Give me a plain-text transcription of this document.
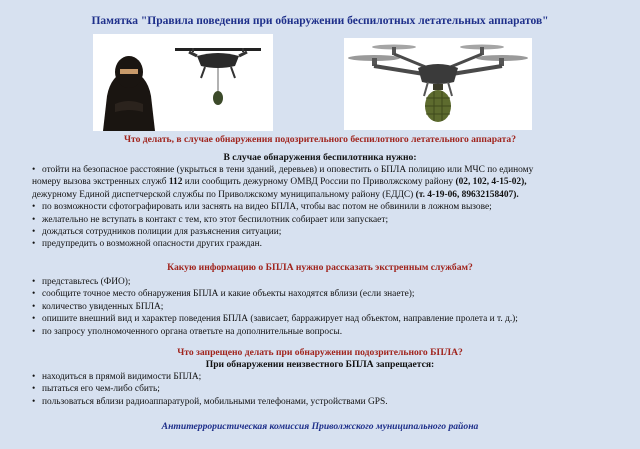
Памятка "Правила поведения при обнаружении беспилотных летательных аппаратов"
Что делать, в случае обнаружения подозрительного беспилотного летательного аппарата?
В случае обнаружения беспилотника нужно:
• отойти на безопасное расстояние (укрыться в тени зданий, деревьев) и оповестить о БПЛА полицию или МЧС по единому
номеру вызова экстренных служб 112 или сообщить дежурному ОМВД России по Приволжскому району (02, 102, 4-15-02),
дежурному Единой диспетчерской службы по Приволжскому муниципальному району (ЕДДС) (т. 4-19-06, 89632158407).
• по возможности сфотографировать или заснять на видео БПЛА, чтобы вас потом не обвинили в ложном вызове;
• желательно не вступать в контакт с тем, кто этот беспилотник собирает или запускает;
• дождаться сотрудников полиции для разъяснения ситуации;
• предупредить о возможной опасности других граждан.
Какую информацию о БПЛА нужно рассказать экстренным службам?
• представьтесь (ФИО);
• сообщите точное место обнаружения БПЛА и какие объекты находятся вблизи (если знаете);
• количество увиденных БПЛА;
• опишите внешний вид и характер поведения БПЛА (зависает, барражирует над объектом, направление пролета и т. д.);
• по запросу уполномоченного органа ответьте на дополнительные вопросы.
Что запрещено делать при обнаружении подозрительного БПЛА?
При обнаружении неизвестного БПЛА запрещается:
• находиться в прямой видимости БПЛА;
• пытаться его чем-либо сбить;
• пользоваться вблизи радиоаппаратурой, мобильными телефонами, устройствами GPS.
Антитеррористическая комиссия Приволжского муниципального района
